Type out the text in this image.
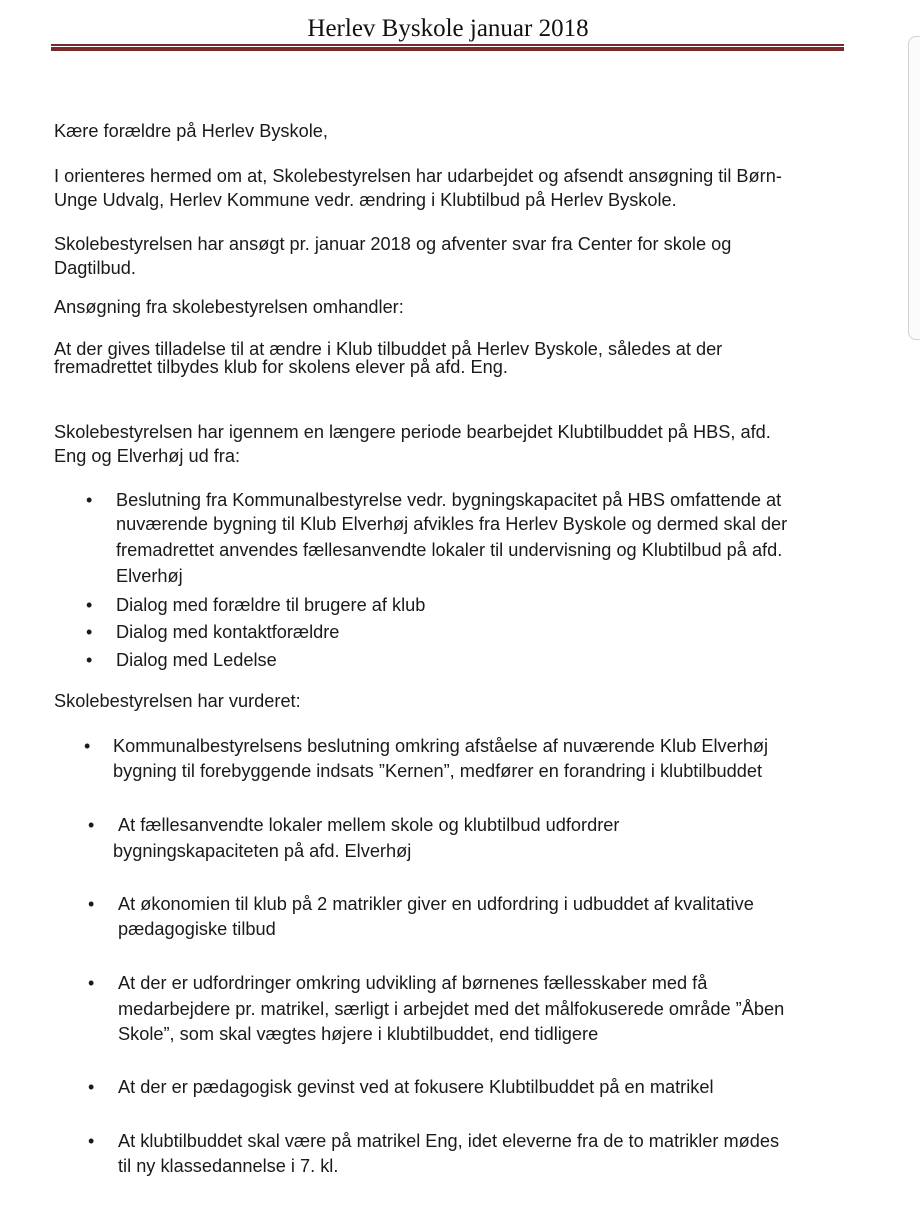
Herlev Byskole januar 2018

Kære forældre på Herlev Byskole,

I orienteres hermed om at, Skolebestyrelsen har udarbejdet og afsendt ansøgning til Børn-

Unge Udvalg, Herlev Kommune vedr. ændring i Klubtilbud på Herlev Byskole.

Skolebestyrelsen har ansøgt pr. januar 2018 og afventer svar fra Center for skole og

Dagtilbud.

Ansøgning fra skolebestyrelsen omhandler:

At der gives tilladelse til at ændre i Klub tilbuddet på Herlev Byskole, således at der

fremadrettet tilbydes klub for skolens elever på afd. Eng.

Skolebestyrelsen har igennem en længere periode bearbejdet Klubtilbuddet på HBS, afd.

Eng og Elverhøj ud fra:

• Beslutning fra Kommunalbestyrelse vedr. bygningskapacitet på HBS omfattende at

nuværende bygning til Klub Elverhøj afvikles fra Herlev Byskole og dermed skal der

fremadrettet anvendes fællesanvendte lokaler til undervisning og Klubtilbud på afd.

Elverhøj

• Dialog med forældre til brugere af klub

• Dialog med kontaktforældre

• Dialog med Ledelse

Skolebestyrelsen har vurderet:

• Kommunalbestyrelsens beslutning omkring afståelse af nuværende Klub Elverhøj

bygning til forebyggende indsats ”Kernen”, medfører en forandring i klubtilbuddet

• At fællesanvendte lokaler mellem skole og klubtilbud udfordrer

bygningskapaciteten på afd. Elverhøj

• At økonomien til klub på 2 matrikler giver en udfordring i udbuddet af kvalitative

pædagogiske tilbud

• At der er udfordringer omkring udvikling af børnenes fællesskaber med få

medarbejdere pr. matrikel, særligt i arbejdet med det målfokuserede område ”Åben

Skole”, som skal vægtes højere i klubtilbuddet, end tidligere

• At der er pædagogisk gevinst ved at fokusere Klubtilbuddet på en matrikel

• At klubtilbuddet skal være på matrikel Eng, idet eleverne fra de to matrikler mødes

til ny klassedannelse i 7. kl.
